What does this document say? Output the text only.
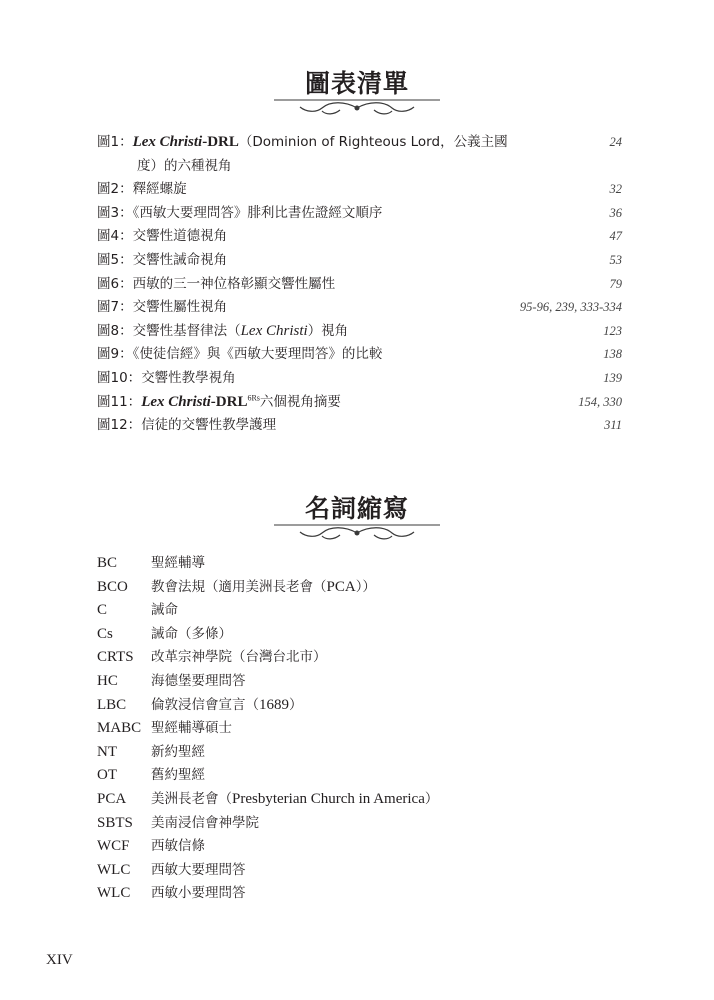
圖表清單
圖1：Lex Christi-DRL（Dominion of Righteous Lord，公義主國	24
度）的六種視角
圖2：釋經螺旋	32
圖3：《西敏大要理問答》腓利比書佐證經文順序	36
圖4：交響性道德視角	47
圖5：交響性誡命視角	53
圖6：西敏的三一神位格彰顯交響性屬性	79
圖7：交響性屬性視角	95-96, 239, 333-334
圖8：交響性基督律法（Lex Christi）視角	123
圖9：《使徒信經》與《西敏大要理問答》的比較	138
圖10：交響性教學視角	139
圖11：Lex Christi-$DRL^{6Rs}$六個視角摘要	154, 330
圖12：信徒的交響性教學護理	311
名詞縮寫
BC	聖經輔導
BCO 教會法規（適用美洲長老會（PCA））
C	誡命
Cs	誡命（多條）
CRTS 改革宗神學院（台灣台北市）
HC 海德堡要理問答
LBC 倫敦浸信會宣言（1689）
MABC 聖經輔導碩士
NT	新約聖經
OT	舊約聖經
PCA 美洲長老會（Presbyterian Church in America）
SBTS 美南浸信會神學院
WCF 西敏信條
WLC 西敏大要理問答
WLC 西敏小要理問答
XIV
